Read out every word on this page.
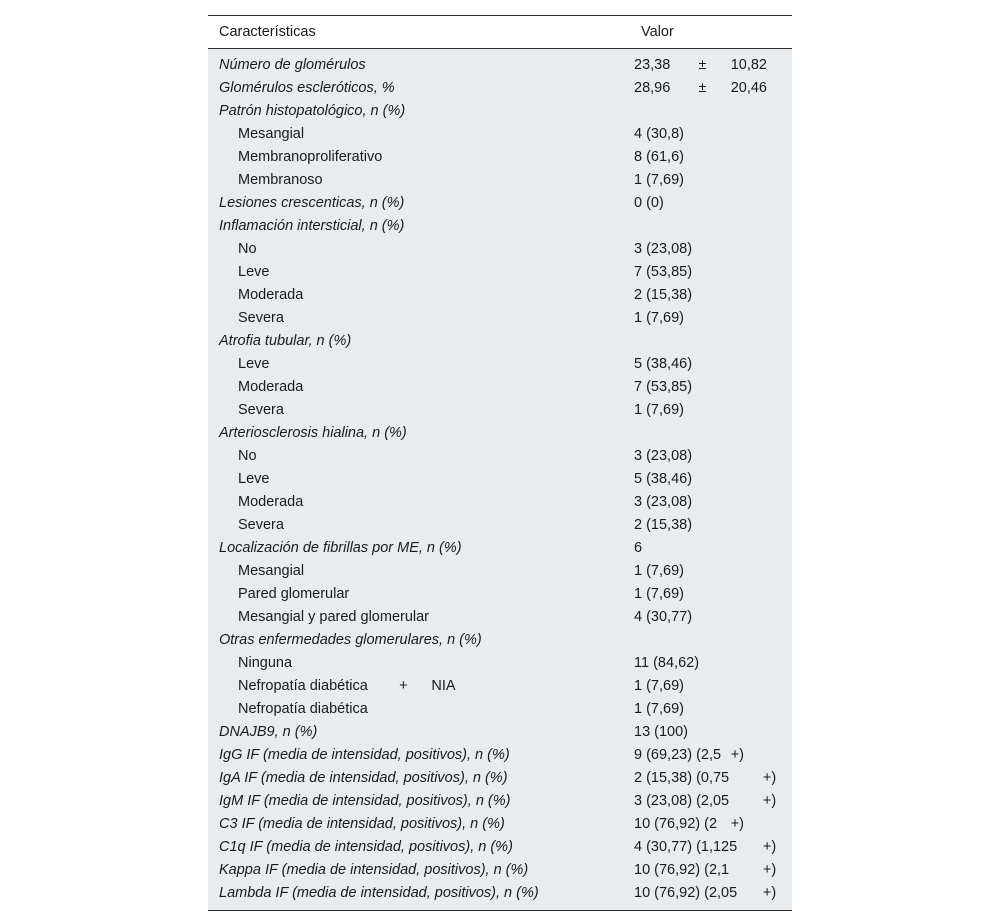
Características	Valor
Número de glomérulos	23,38	±	10,82
Glomérulos escleróticos, %	28,96	±	20,46
Patrón histopatológico, n (%)	
Mesangial	4 (30,8)
Membranoproliferativo	8 (61,6)
Membranoso	1 (7,69)
Lesiones crescenticas, n (%)	0 (0)
Inflamación intersticial, n (%)	
No	3 (23,08)
Leve	7 (53,85)
Moderada	2 (15,38)
Severa	1 (7,69)
Atrofia tubular, n (%)	
Leve	5 (38,46)
Moderada	7 (53,85)
Severa	1 (7,69)
Arteriosclerosis hialina, n (%)	
No	3 (23,08)
Leve	5 (38,46)
Moderada	3 (23,08)
Severa	2 (15,38)
Localización de fibrillas por ME, n (%)	6
Mesangial	1 (7,69)
Pared glomerular	1 (7,69)
Mesangial y pared glomerular	4 (30,77)
Otras enfermedades glomerulares, n (%)	
Ninguna	11 (84,62)
Nefropatía diabética	+	NIA	1 (7,69)
Nefropatía diabética	1 (7,69)
DNAJB9, n (%)	13 (100)
IgG IF (media de intensidad, positivos), n (%)	9 (69,23) (2,5	+)
IgA IF (media de intensidad, positivos), n (%)	2 (15,38) (0,75	+)
IgM IF (media de intensidad, positivos), n (%)	3 (23,08) (2,05	+)
C3 IF (media de intensidad, positivos), n (%)	10 (76,92) (2	+)
C1q IF (media de intensidad, positivos), n (%)	4 (30,77) (1,125	+)
Kappa IF (media de intensidad, positivos), n (%)	10 (76,92) (2,1	+)
Lambda IF (media de intensidad, positivos), n (%)	10 (76,92) (2,05	+)
